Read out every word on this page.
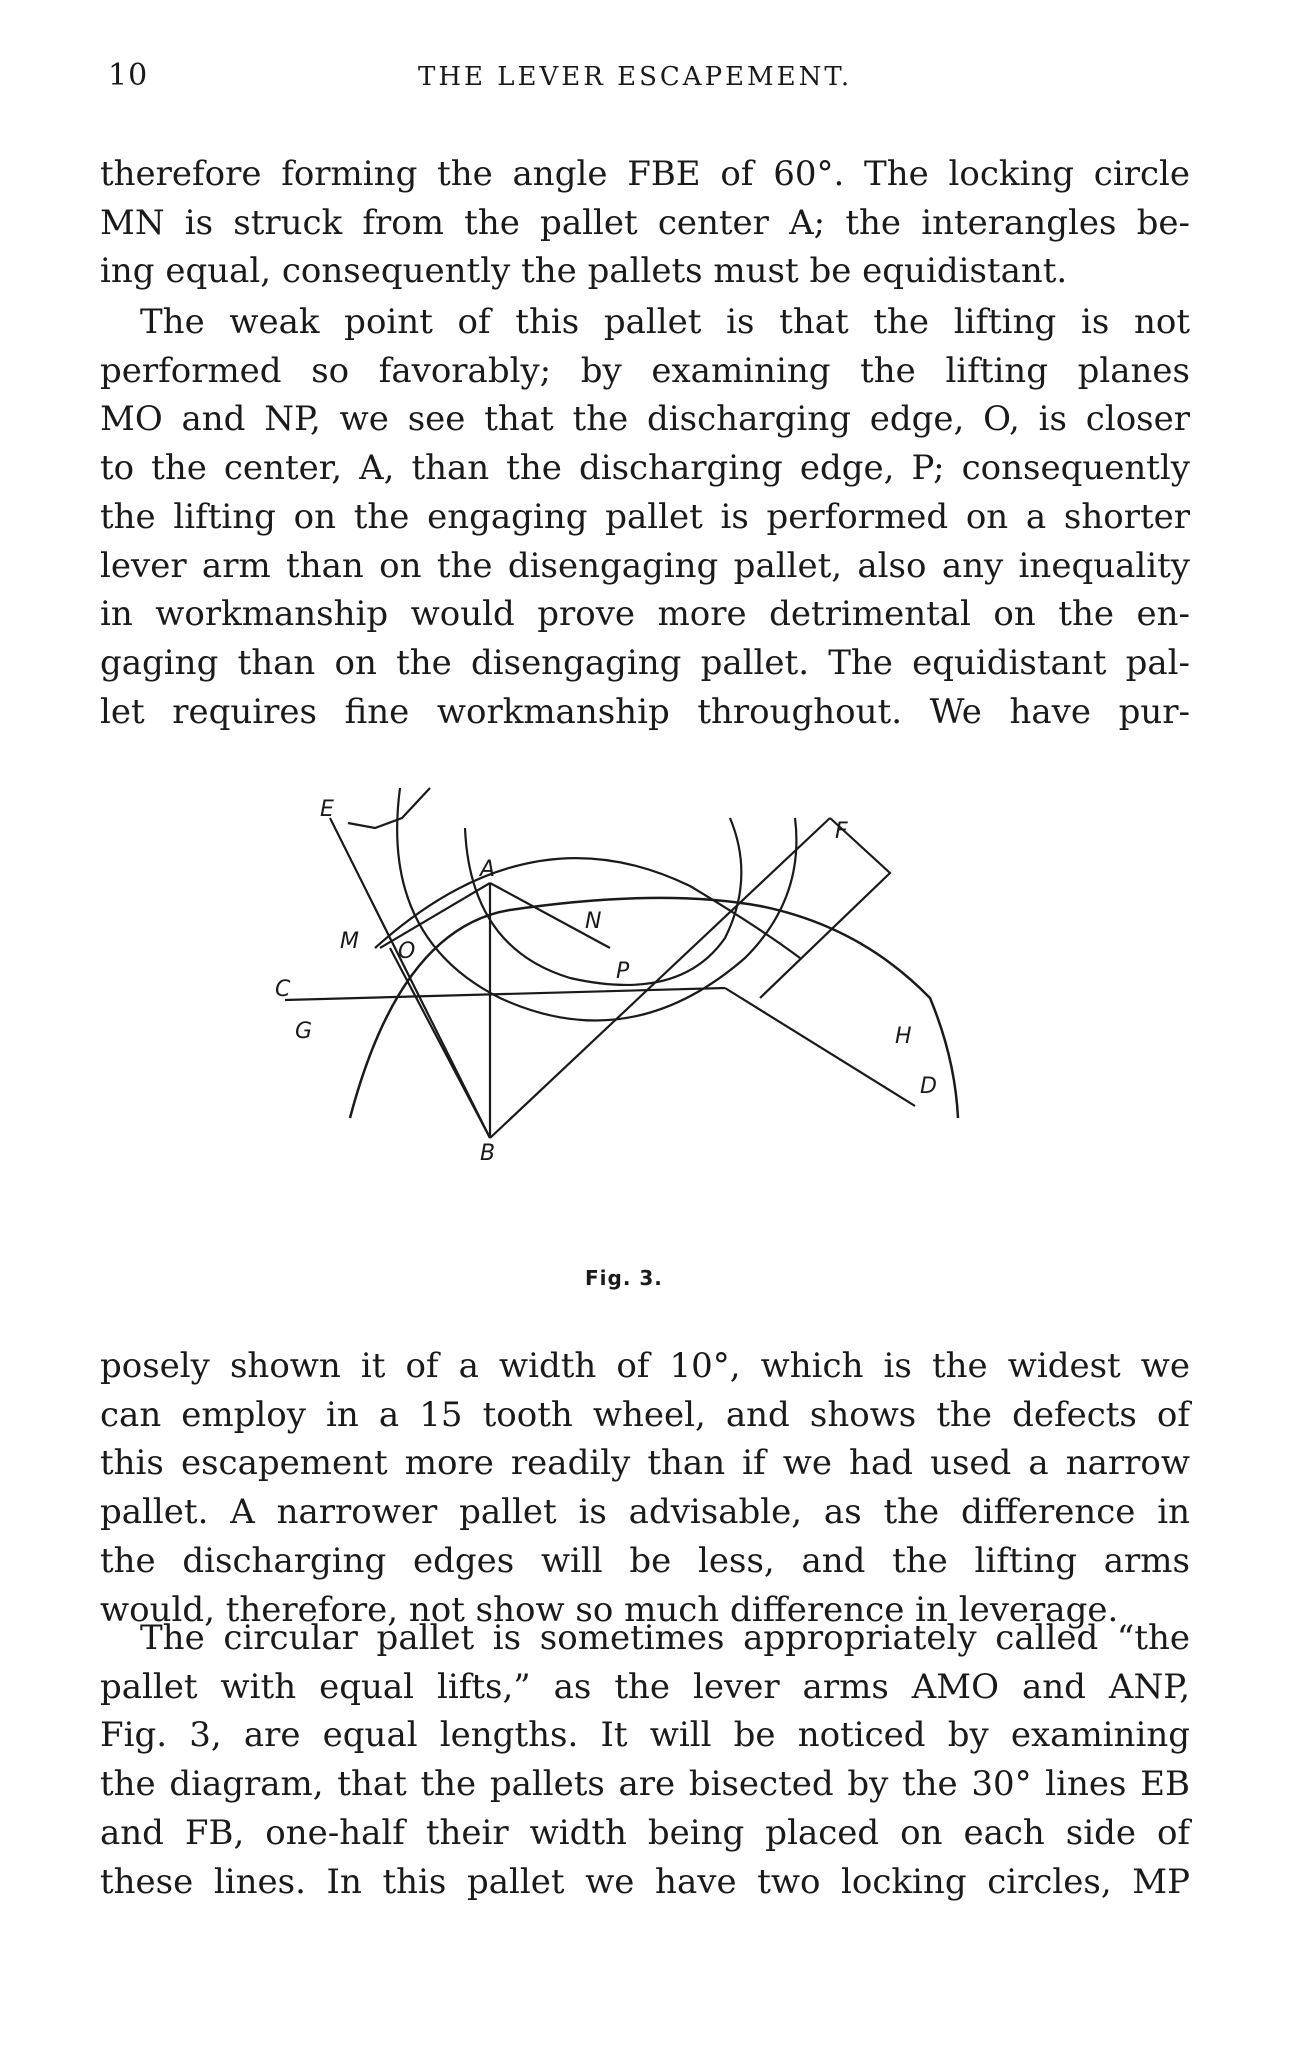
10	THE LEVER ESCAPEMENT.
therefore forming the angle FBE of 60°. The locking circle
MN is struck from the pallet center A; the interangles be-
ing equal, consequently the pallets must be equidistant.
The weak point of this pallet is that the lifting is not
performed so favorably; by examining the lifting planes
MO and NP, we see that the discharging edge, O, is closer
to the center, A, than the discharging edge, P; consequently
the lifting on the engaging pallet is performed on a shorter
lever arm than on the disengaging pallet, also any inequality
in workmanship would prove more detrimental on the en-
gaging than on the disengaging pallet. The equidistant pal-
let requires fine workmanship throughout. We have pur-
E
F
A
M O
N
P
C
D
G	H
B
Fig. 3.
posely shown it of a width of 10°, which is the widest we
can employ in a 15 tooth wheel, and shows the defects of
this escapement more readily than if we had used a narrow
pallet. A narrower pallet is advisable, as the difference in
the discharging edges will be less, and the lifting arms
would, therefore, not show so much difference in leverage.
The circular pallet is sometimes appropriately called “the
pallet with equal lifts,” as the lever arms AMO and ANP,
Fig. 3, are equal lengths. It will be noticed by examining
the diagram, that the pallets are bisected by the 30° lines EB
and FB, one-half their width being placed on each side of
these lines. In this pallet we have two locking circles, MP
